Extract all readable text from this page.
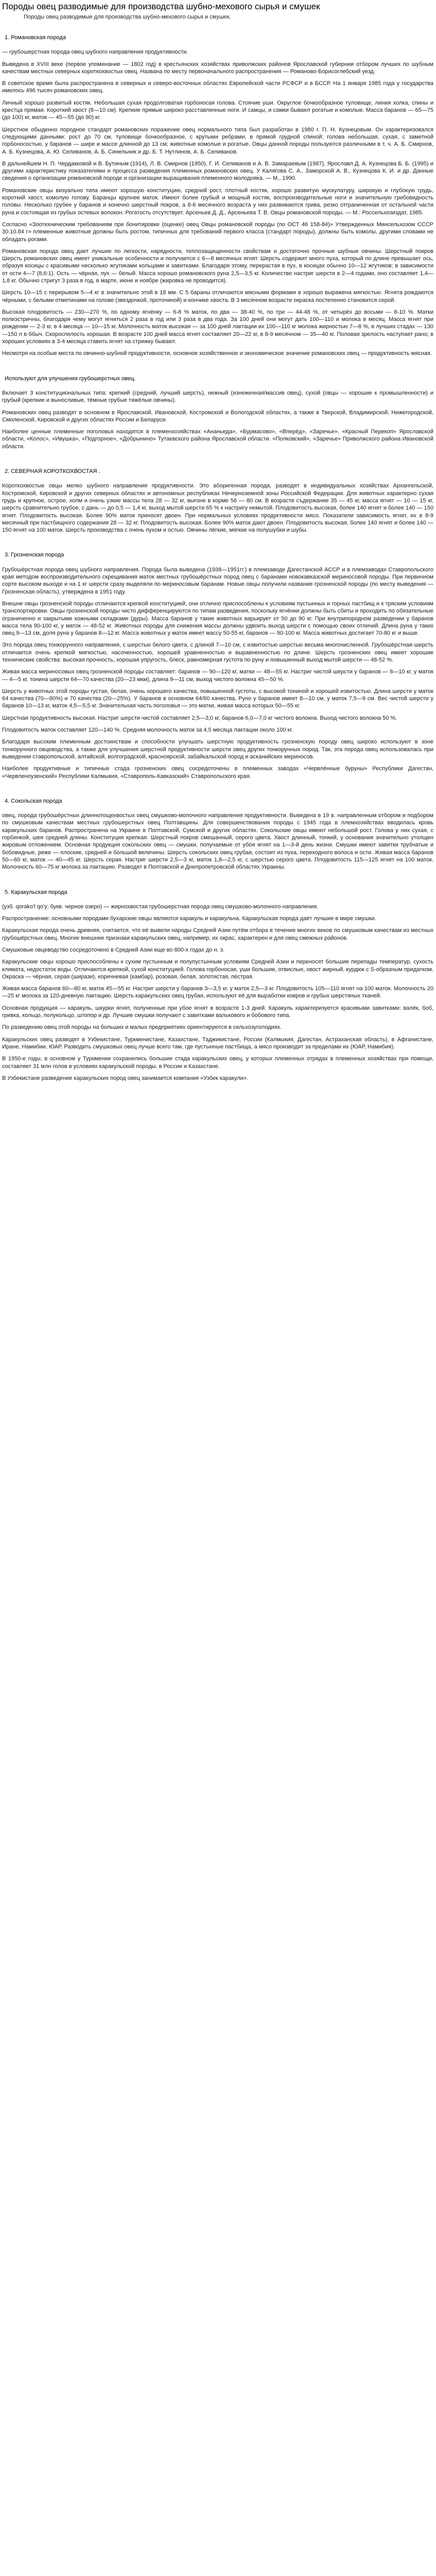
Породы овец разводимые для производства шубно-мехового сырья и смушек
Породы овец разводимые для производства шубно-мехового сырья и смушек.
1. Романовская порода

— грубошерстная порода овец шубного направления продуктивности.

Выведена в XVIII веке (первое упоминание — 1802 год) в крестьянских хозяйствах приволжских районов Ярославской губернии отбором лучших по шубным качествам местных северных короткохвостых овец. Названа по месту первоначального распространения — Романово-Борисоглебский уезд.

В советское время была распространена в северных и северо-восточных областях Европейской части РСФСР и в БССР. На 1 января 1985 года у государства имелось 496 тысяч романовских овец.

Личный хорошо развитый костяк. Небольшая сухая продолговатая горбоносая голова. Стоячие уши. Округлое бочкообразное туловище, линия холка, спины и крестца прямая. Короткий хвост (8—10 см). Крепкие прямые широко расставленные ноги. И самцы, и самки бывают рогатые и комолые. Масса баранов — 65—75 (до 100) кг, маток — 45—55 (до 90) кг.

Шерстное обыденно породное стандарт романовских поражение овец нормального типа был разработан в 1980 г. П. Н. Кузнецовым. Он характеризовался следующими данными: рост до 70 см, туловище бочкообразное, с крутыми ребрами, в прямой грудной спиной; голова небольшая, сухая, с заметной горбоносостью, у баранов — шире и массе длинной до 13 см; животные комолые и рогатые. Овцы данной породы пользуются различными в т. ч. А. Б. Смирнов, А. Б. Кузнецова, А. Ю. Селиванов, А. Б. Синельник и др. Б. Т. Нутлинов, А. Б. Селиванов.

В дальнейшем Н. П. Чердакковой и В. Бутиным (1914), Л. В. Смирнов (1950), Г. И. Селиванов и А. В. Замараевым (1987), Ярославл Д. А. Кузнецова Б. Б. (1995) и другими характеристику показателями и процесса разведения племенных романовских овец. У Калягова С. А., Заморской А. В., Кузнецова К. И. и др. Данные сведения о организации романовской породе и организации выращивания племенного молодняка. — М., 1990.

Романовские овцы визуально типа имеют хорошую конституцию, средний рост, плотный костяк, хорошо развитую мускулатуру, широкую и глубокую грудь, короткий хвост, комолую голову. Баранцы крупнее маток. Имеют более грубый и мощный костяк, воспроизводительные ноги и значительную грибовидность головы. Несколько грубее у баранов и конечно шерстный покров, а 8-6 месячного возраста у них развиваются грива, резко отграниченная от остальной части руна и состоящая из грубых остевых волокон. Рогатость отсутствует. Арсеньев Д. Д., Арсеньева Т. В. Овцы романовской породы. — М.: Россельхозиздат, 1985.

Согласно «Зоотехническим требованиям при бонитировке (оценке) овец Овцы романовской породы (по ОСТ 46 158-84)» Утвержденных Минсельхозом СССР 30.10.84 г» племенные животные должны быть ростом, типичных для требований первого класса (стандарт породы), должны быть комолы, другими словами не обладать рогами.

Романовская порода овец дает лучшие по легкости, нарядности, теплозащищенности свойствам и достаточно прочные шубные овчины. Шерстный покров Шерсть романовских овец имеет уникальные особенности и получается с 6—8 месячных ягнят. Шерсть содержит много пуха, который по длине превышает ось, образуя косицы с красивыми несколько жгутиками кольцами и завитками. Благодаря этому, перерастая в пух, в косицах обычно 10—12 жгутиков; в зависимости от ости 4—7 (8,6:1). Ость — чёрная, пух — белый. Масса хорошо романовского руна 2,5—3,5 кг. Количество настриг шерсти в 2—4 годами, оно составляет 1,4—1,8 кг. Обычно стригут 3 раза в год, в марте, июне и ноябре (жировка не проводится).

Шерсть 10—15 с перерывом 5—4 кг в значительно этой в 18 мм. С 5 бараны отличаются мясными формами в хорошо выражена мягкостью. Ягнята рождаются чёрными, с белыми отметинами на голове (звездочкой, проточиной) и кончике хвоста. В 3 месячном возрасте окраска постепенно становится серой.

Высокая плодовитость — 230—270 %, по одному ягнёнку — 6-8 % маток, по два — 38-40 %, по три — 44-48 %, от четырёх до восьми — 8-10 %. Матки полиэстричны, благодаря чему могут ягниться 2 раза в год или 3 раза в два года. За 100 дней они могут дать 100—110 и молока в месяц. Масса ягнят при рождении — 2-3 кг, в 4 месяца — 10—15 кг. Молочность маток высокая — за 100 дней лактации их 100—110 кг молока жирностью 7—8 %, в лучших стадах — 130—150 л в ббыч. Скороспелость хорошая. В возрасте 100 дней масса ягнят составляет 20—22 кг, в 8-9 месячном — 35—40 кг. Половая зрелость наступает рано; в хороших условиях в 3-4 месяца ставить ягнят на стрижку бывают.

Несмотря на особые места по овчинно-шубной продуктивности, основное хозяйственное и экономическое значение романовских овец — продуктивность мясная.

Используют для улучшения грубошерстных овец.

Включает 3 конституциональных типа: крепкий (средний, лучший шерсть), нежный (изнеженная/массив овец), сухой (овцы — хорошие к промышленности) и грубый (крепкие и выносливые, тёмные грубые тяжёлые овчины).

Романовских овец разводят в основном в Ярославской, Ивановской, Костромской и Вологодской областях, а также в Тверской, Владимирской, Нижегородской, Смоленской, Кировской и других областях России и Беларуси.

Наиболее ценные племенные поголовья находятся в племенхозяйствах «Ананьеда», «Бурмасово», «Вперёд», «Заречье», «Красный Перекоп» Ярославской области, «Колос», «Ивушка», «Подгорное», «Добрынино» Тутаевского района Ярославской области. «Полковский», «Заречье» Приволжского района Ивановской области.

2. СЕВЕРНАЯ КОРОТКОХВОСТАЯ .

Короткохвостые овцы мелко шубного направления продуктивности. Это аборигенная порода, разводят в индивидуальных хозяйствах Архангельской, Костромской, Кировской и других северных областях и автономных республиках Нечерноземной зоны Российской Федерации. Для животных характерно сухая грудь и крупное, острое, холм и очень узкие массы тела 28 — 32 кг, выгоне в корме 56 — 80 см. В возрасте съдержание 35 — 45 кг, масса ягнят — 10 — 15 кг, шерсть сравнительно грубое, с дань — до 0,5 — 1,4 кг, выход мытой шерсти 65 % к настригу немытой. Плодовитость высокая, более 140 ягнят и более 140 — 150 ягнят. Плодовитость высокая. Более 90% маток приносят двоен. При нормальных условиях продуктивности мясо. Показатели зависимость ягнят, их в 8-9 месячный при пастбищного содержания 28 — 32 кг. Плодовитость высокая. Более 90% маток дают двоен. Плодовитость высокая, более 140 ягнят и более 140 — 150 ягнят на 100 маток. Шерсть производства с очень пухом и остью. Овчины лёгкие, мягкие на полушубки и шубы.

3. Грозненская порода

Грубошёрстная порода овец шубного направления. Порода была выведена (1938—1951гг.) в племзаводе Дагестанской АССР и в племзаводах Ставропольского края методом воспроизводительного скрещивания маток местных грубошёрстных пород овец с баранами новокавказской мериносовой породы. При первичном сорте высоком выходе и на 1 кг шерсти сразу выделяли по мериносовым баранам. Новые овцы получили название грозненской породы (по месту выведения — Грозненская область), утверждена в 1951 году.

Внешне овцы грозненской породы отличаются крепкой конституцией, они отлично приспособлены к условиям пустынных и горных пастбищ и к тряским условиям транспортировки. Овцы грозненской породы чисто дифференцируются по типам разведения, поскольку ягнёнки должны быть сбиты и проходить по обязательные ограниченно и закрытыми кожными складками (дуры). Масса баранов у такие животных варьирует от 50 до 90 кг. При внутрипородном разведении у баранов масса тела 90-100 кг, у маток — 48-52 кг. Животных породы для снижения массы должны удвоить выход шерсти с помощью своих отличий. Длина руна у таких овец 9—13 см, доля руна у баранов 8—12 кг. Масса животных у маток имеет массу 50-55 кг, баранов — 90-100 кг. Масса животных достигает 70-80 кг и выше.

Это порода овец тонкорунного направления, с шерстью белого цвета, с длиной 7—10 см, с извитостью шерстью весьма многочисленной. Грубошёрстная шерсть отличается очень крепкой мягкостью, насоченностью, хорошей уравненностью и выравненностью по длине. Шерсть грозненских овец имеет хорошие технические свойства: высокая прочность, хорошая упругость, блеск, равномерная густота по руну и повышенный выход мытой шерсти — 48-52 %.

Живая масса мериносовых овец грозненской породы составляет: баранов — 90—120 кг, матки — 48—55 кг. Настриг чистой шерсти у баранов — 8—10 кг, у маток — 4—5 кг, тонина шерсти 64—70 качества (20—23 мкм), длина 9—11 см, выход чистого волокна 45—50 %.

Шерсть у животных этой породы густая, белая, очень хорошего качества, повышенной густоты, с высокой тониной и хорошей извитостью. Длина шерсти у маток 64 качества (70—80%) и 70 качества (20—25%). У баранов в основном 64/60 качества. Руно у баранов имеет 8—10 см, у маток 7,5—9 см. Вес чистой шерсти у баранов 10—13 кг, маток 4,5—5,5 кг. Значительная часть поголовья — это матки, живая масса которых 50—55 кг.

Шерстная продуктивность высокая. Настриг шерсти чистой составляет 2,5—3,0 кг, баранов 6,0—7,0 кг чистого волокна. Выход чистого волокна 50 %.

Плодовитость маток составляет 120—140 %. Средняя молочность маток за 4,5 месяца лактации около 100 кг.

Благодаря высоким племенным достоинствам и способности улучшать шерстную продуктивность грозненскую породу овец широко используют в зоне тонкорунного овцеводства, а также для улучшения шерстной продуктивности шерсти овец других тонкорунных пород. Так, эта порода овец использовалась при выведении ставропольской, алтайской, волгоградской, красноярской, забайкальской пород и асканийских мериносов.

Наиболее продуктивные и типичные стада грозненских овец сосредоточены в племенных заводах «Червлённые буруны» Республики Дагестан, «Червленоузенский» Республики Калмыкия, «Ставрополь-Кавказский» Ставропольского края.

4. Сокольская порода

овец, порода грубошёрстных длиннотощехвостых овец смушково-молочного направления продуктивности. Выведена в 19 в. направленным отбором и подбором по смушковым качествам местных грубошерстных овец Полтавщины. Для совершенствования породы с 1945 года в племхозяйствах вводилась кровь каракульских баранов. Распространена на Украине в Полтавской, Сумской и других областях. Сокольские овцы имеют небольшой рост. Голова у них сухая, с горбинкой, шея средней длины. Конституция крепкая. Шерстный покров смешанный, серого цвета. Хвост длинный, тонкий, у основания значительно утолщен жировым отложением. Основная продукция сокольских овец — смушки, получаемые от убоя ягнят на 1—3-й день жизни. Смушки имеют завитки трубчатые и бобовидные, реже — плоские, средней и большой величины. Шерсть сокольских овец грубая, состоит из пуха, переходного волоса и ости. Живая масса баранов 50—60 кг, маток — 40—45 кг. Шерсть серая. Настриг шерсти 2,5—3 кг, маток 1,8—2,5 кг, с шерстью серого цвета. Плодовитость 115—125 ягнят на 100 маток. Молочность 60—75 кг молока за лактацию. Разводят в Полтавской и Днепропетровской областях Украины.

5. Каракульская порода

(узб. qorako'l qo'y; букв. черное озеро) — жирнохвостая грубошерстная порода овец смушково-молочного направления.

Распространение: основными породами бухарские овцы являются каракуль и каракульча. Каракульская порода даёт лучшие в мире смушки.

Каракульская порода очень древняя, считается, что её вывели народы Средней Азии путём отбора в течение многих веков по смушковым качествам из местных грубошёрстных овец. Многие внешние признаки каракульских овец, например, их окрас, характерен и для овец смежных районов.

Смушковые овцеводство сосредоточено в Средней Азии еще во 800-х годах до н. э.

Каракульские овцы хорошо приспособлены к сухим пустынным и полупустынным условиям Средней Азии и переносят большие перепады температур, сухость климата, недостаток воды. Отличаются крепкой, сухой конституцией. Голова горбоносая, уши большие, отвислые, хвост жирный, курдюк с S-образным придатком. Окраска — чёрная, серая (ширази), коричневая (камбар), розовая, белая, золотистая, пёстрая.

Живая масса баранов 60—80 кг, маток 45—55 кг. Настриг шерсти у баранов 3—3,5 кг, у маток 2,5—3 кг. Плодовитость 105—110 ягнят на 100 маток. Молочность 20—25 кг молока за 120-дневную лактацию. Шерсть каракульских овец грубая, используют её для выработки ковров и грубых шерстяных тканей.

Основная продукция — каракуль, шкурки ягнят, полученные при убое ягнят в возрасте 1-3 дней. Каракуль характеризуется красивыми завитками: валёк, боб, гривка, кольцо, полукольцо, штопор и др. Лучшие смушки получают с завитками валькового и бобового типа.

По разведению овец этой породы на больших и малых предприятиях ориентируются в сельхозуголодиях.

Каракульских овец разводят в Узбекистане, Туркменистане, Казахстане, Таджикистане, России (Калмыкия, Дагестан, Астраханская область), в Афганистане, Иране, Намибии, ЮАР. Разводить смушковых овец лучше всего там, где пустынные пастбища, а мясо производят за пределами их (ЮАР, Намибия).

В 1950-е годы, в основном у Туркмении сохранились большие стада каракульских овец, у которых племенных отрядах в племенных хозяйствах при помощи, составляет 31 млн голов в условиях каракульской породы, в России и Казахстане.

В Узбекистане разведение каракульских пород овец занимается компания «Узбек каракули».
